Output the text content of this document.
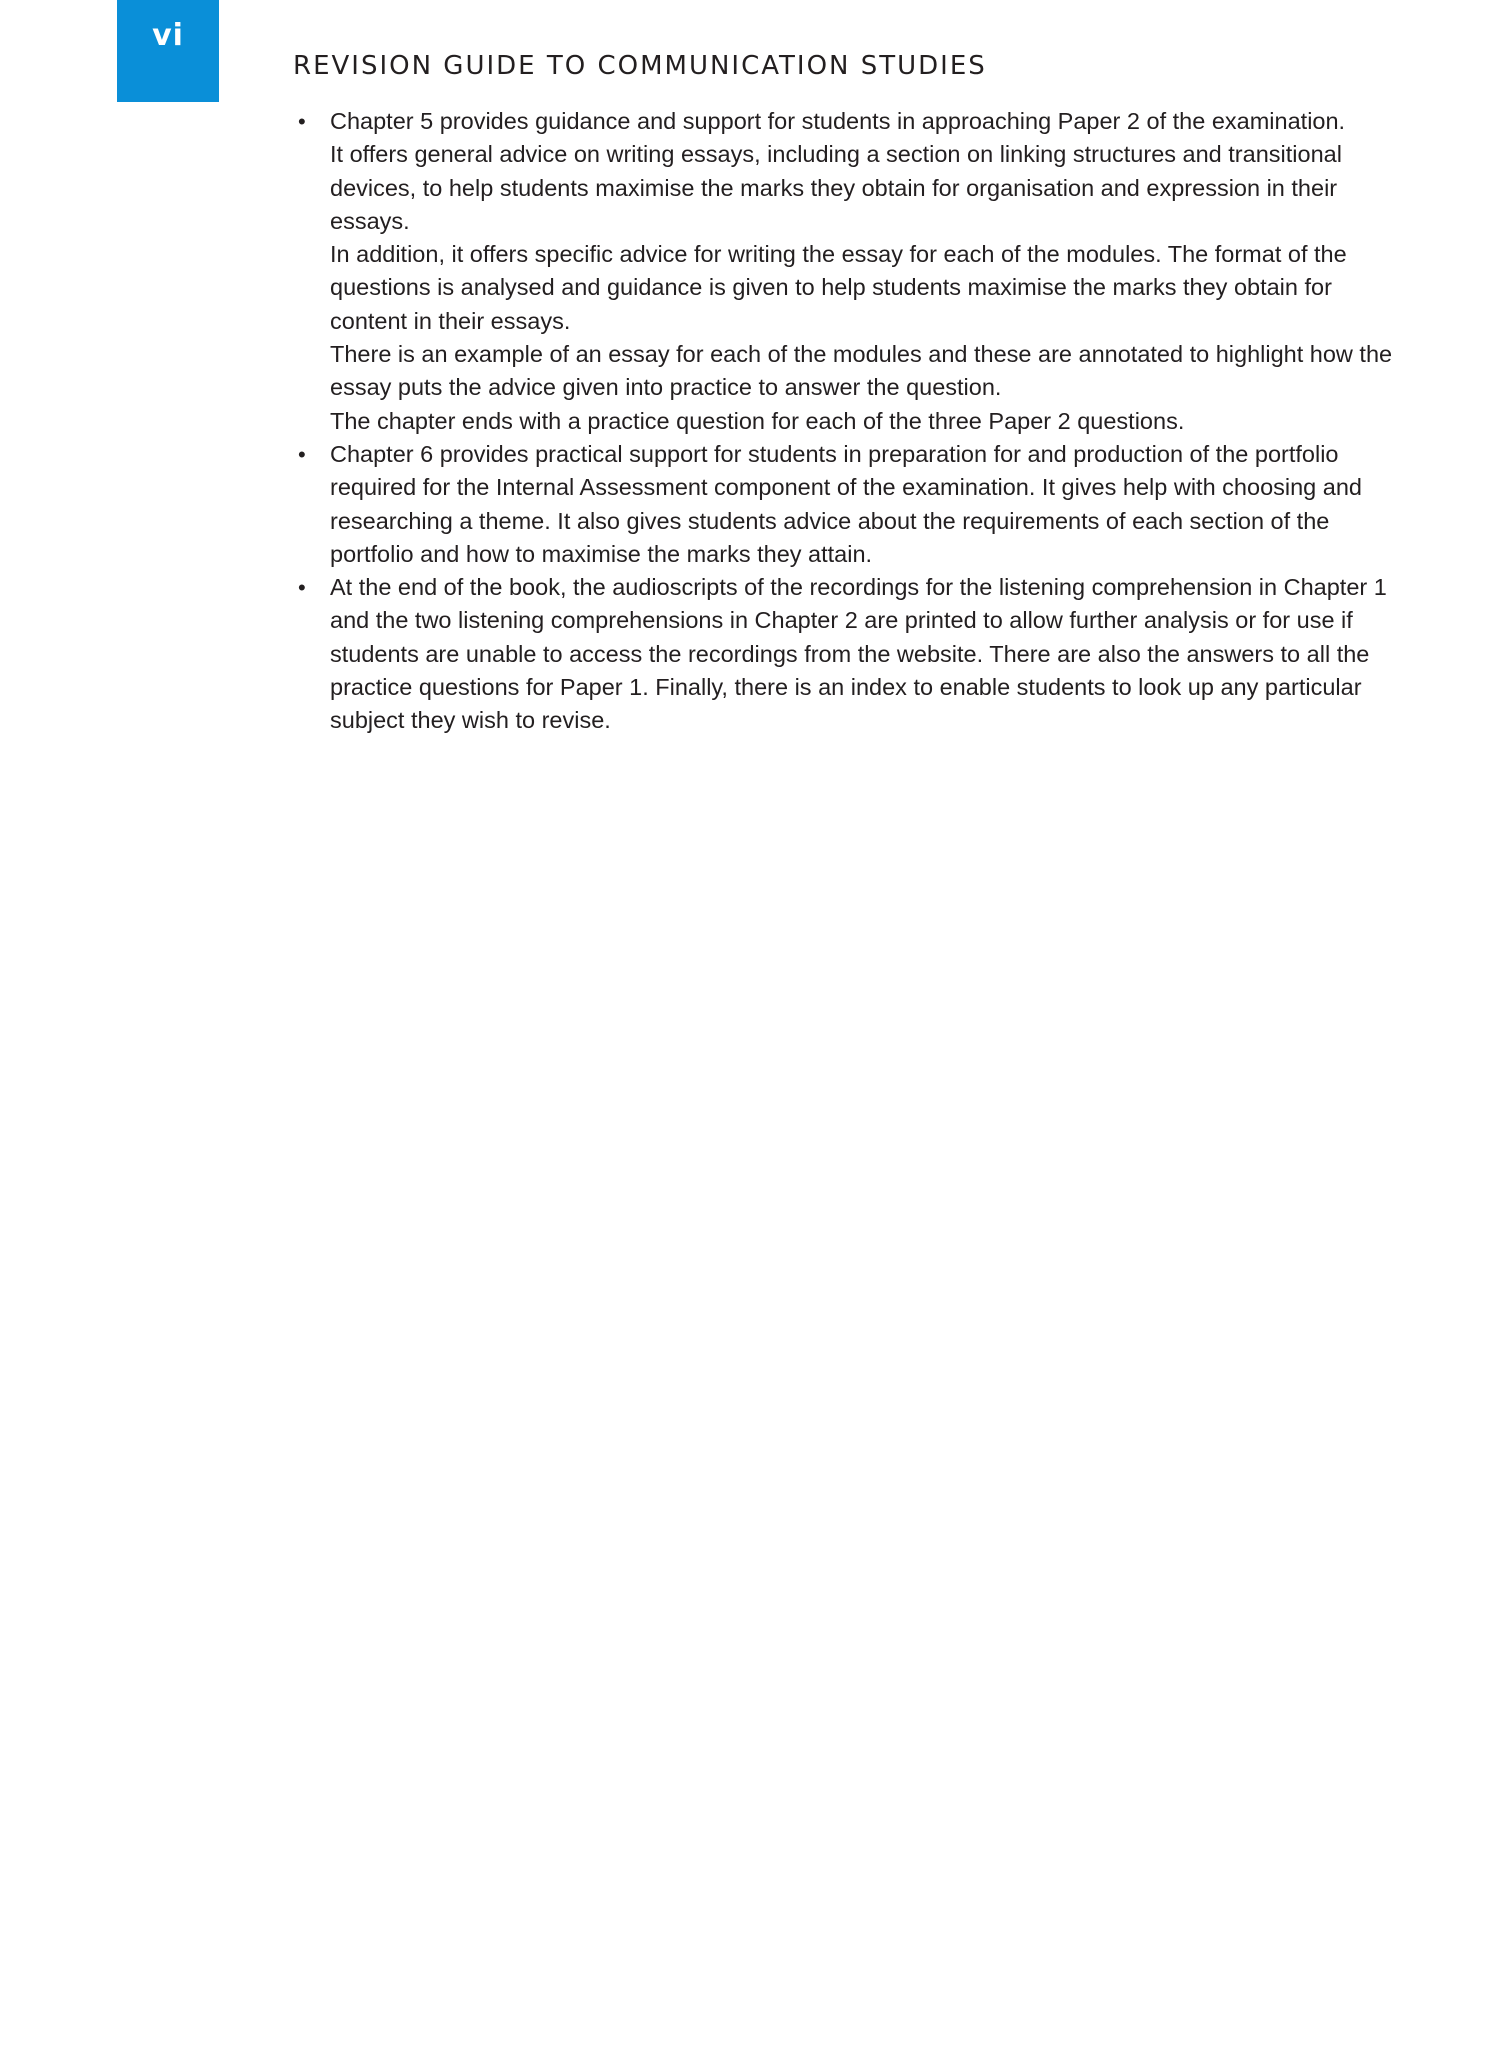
vi
REVISION GUIDE TO COMMUNICATION STUDIES
• Chapter 5 provides guidance and support for students in approaching Paper 2 of the examination.

It offers general advice on writing essays, including a section on linking structures and transitional devices, to help students maximise the marks they obtain for organisation and expression in their essays.

In addition, it offers specific advice for writing the essay for each of the modules. The format of the questions is analysed and guidance is given to help students maximise the marks they obtain for content in their essays.

There is an example of an essay for each of the modules and these are annotated to highlight how the essay puts the advice given into practice to answer the question.

The chapter ends with a practice question for each of the three Paper 2 questions.

• Chapter 6 provides practical support for students in preparation for and production of the portfolio required for the Internal Assessment component of the examination. It gives help with choosing and researching a theme. It also gives students advice about the requirements of each section of the portfolio and how to maximise the marks they attain.

• At the end of the book, the audioscripts of the recordings for the listening comprehension in Chapter 1 and the two listening comprehensions in Chapter 2 are printed to allow further analysis or for use if students are unable to access the recordings from the website. There are also the answers to all the practice questions for Paper 1. Finally, there is an index to enable students to look up any particular subject they wish to revise.
